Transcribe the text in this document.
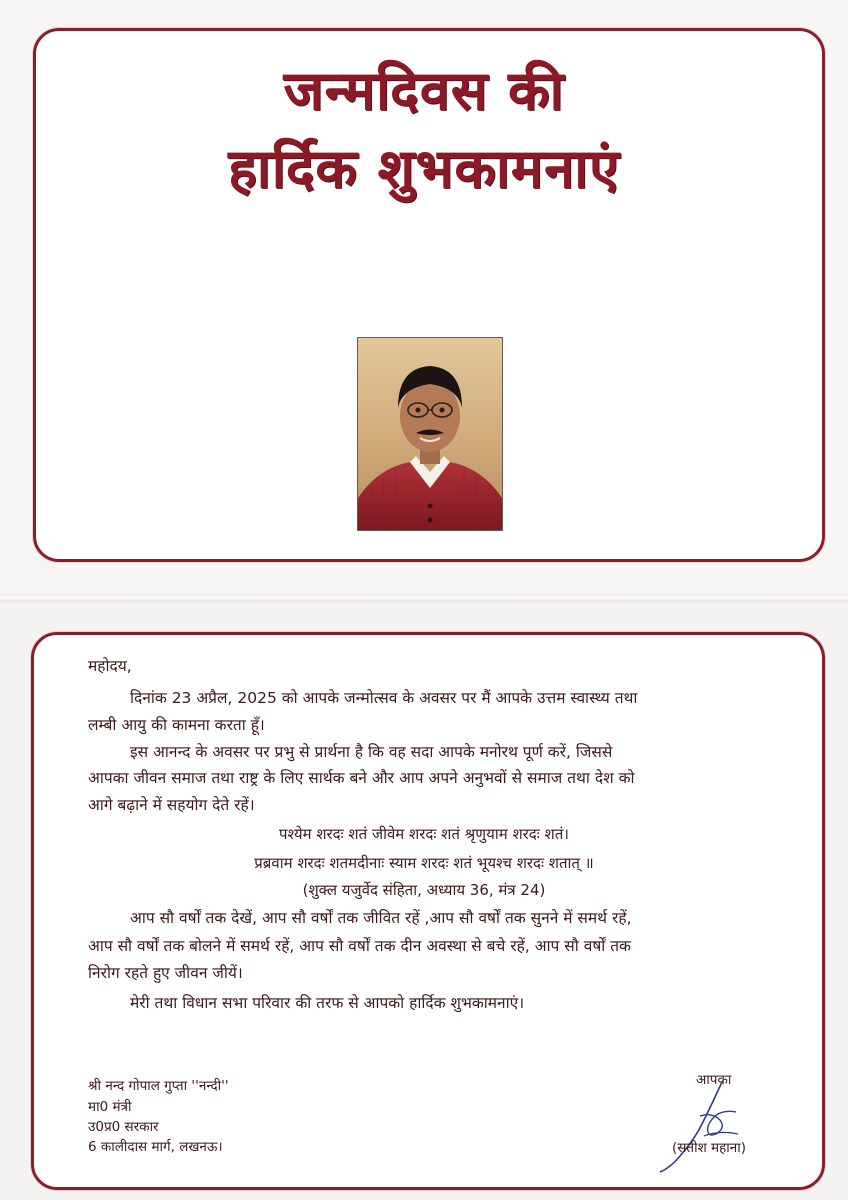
जन्मदिवस की
हार्दिक शुभकामनाएं
महोदय,
दिनांक 23 अप्रैल, 2025 को आपके जन्मोत्सव के अवसर पर मैं आपके उत्तम स्वास्थ्य तथा
लम्बी आयु की कामना करता हूँ।
इस आनन्द के अवसर पर प्रभु से प्रार्थना है कि वह सदा आपके मनोरथ पूर्ण करें, जिससे
आपका जीवन समाज तथा राष्ट्र के लिए सार्थक बने और आप अपने अनुभवों से समाज तथा देश को
आगे बढ़ाने में सहयोग देते रहें।
पश्येम शरदः शतं जीवेम शरदः शतं श्रृणुयाम शरदः शतं।
प्रब्रवाम शरदः शतमदीनाः स्याम शरदः शतं भूयश्च शरदः शतात् ॥
(शुक्ल यजुर्वेद संहिता, अध्याय 36, मंत्र 24)
आप सौ वर्षों तक देखें, आप सौ वर्षों तक जीवित रहें ,आप सौ वर्षों तक सुनने में समर्थ रहें,
आप सौ वर्षों तक बोलने में समर्थ रहें, आप सौ वर्षों तक दीन अवस्था से बचे रहें, आप सौ वर्षों तक
निरोग रहते हुए जीवन जीयें।
मेरी तथा विधान सभा परिवार की तरफ से आपको हार्दिक शुभकामनाएं।
श्री नन्द गोपाल गुप्ता ''नन्दी''
मा0 मंत्री
उ0प्र0 सरकार
6 कालीदास मार्ग, लखनऊ।
आपका
(सतीश महाना)
